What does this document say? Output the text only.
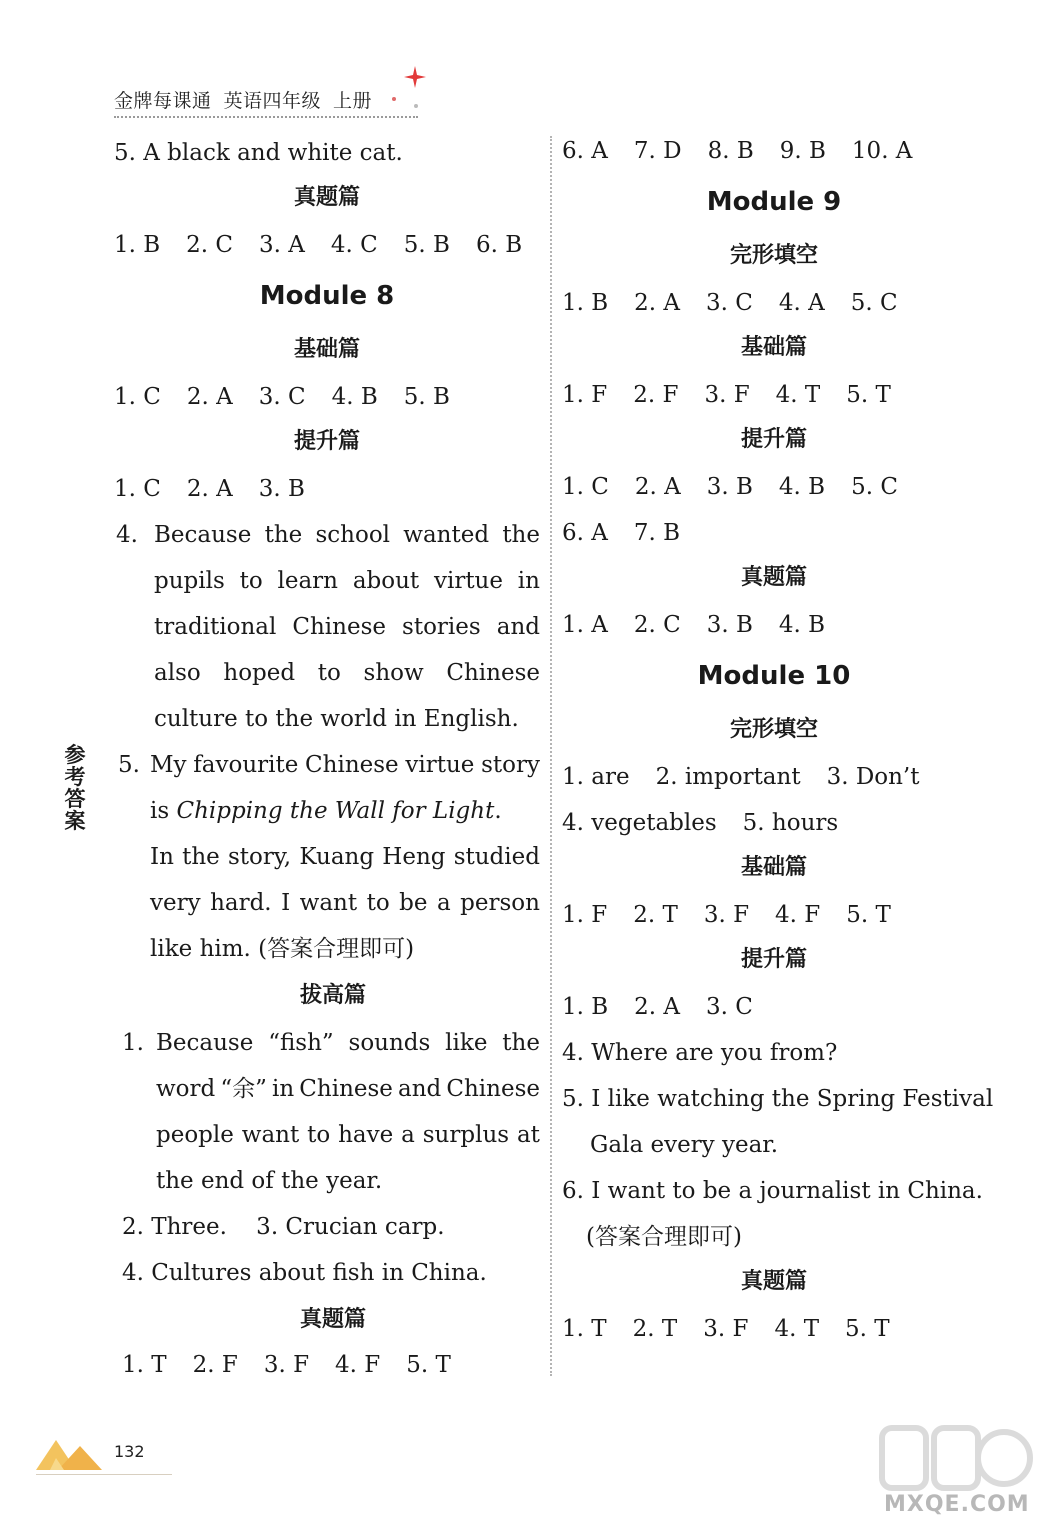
金牌每课通 英语四年级 上册
5. A black and white cat.
真题篇
1. B 2. C 3. A 4. C 5. B 6. B
Module 8
基础篇
1. C 2. A 3. C 4. B 5. B
提升篇
1. C 2. A 3. B
4. Because the school wanted the
pupils to learn about virtue in
traditional Chinese stories and
also hoped to show Chinese
culture to the world in English.
5. My favourite Chinese virtue story
is Chipping the Wall for Light.
In the story, Kuang Heng studied
very hard. I want to be a person
like him. (答案合理即可)
拔高篇
1. Because “fish” sounds like the
word “余” in Chinese and Chinese
people want to have a surplus at
the end of the year.
2. Three.    3. Crucian carp.
4. Cultures about fish in China.
真题篇
1. T 2. F 3. F 4. F 5. T
6. A 7. D 8. B 9. B 10. A
Module 9
完形填空
1. B 2. A 3. C 4. A 5. C
基础篇
1. F 2. F 3. F 4. T 5. T
提升篇
1. C 2. A 3. B 4. B 5. C
6. A 7. B
真题篇
1. A 2. C 3. B 4. B
Module 10
完形填空
1. are 2. important 3. Don’t
4. vegetables 5. hours
基础篇
1. F 2. T 3. F 4. F 5. T
提升篇
1. B 2. A 3. C
4. Where are you from?
5. I like watching the Spring Festival
Gala every year.
6. I want to be a journalist in China.
(答案合理即可)
真题篇
1. T 2. T 3. F 4. T 5. T
参考答案
132
MXQE.COM
